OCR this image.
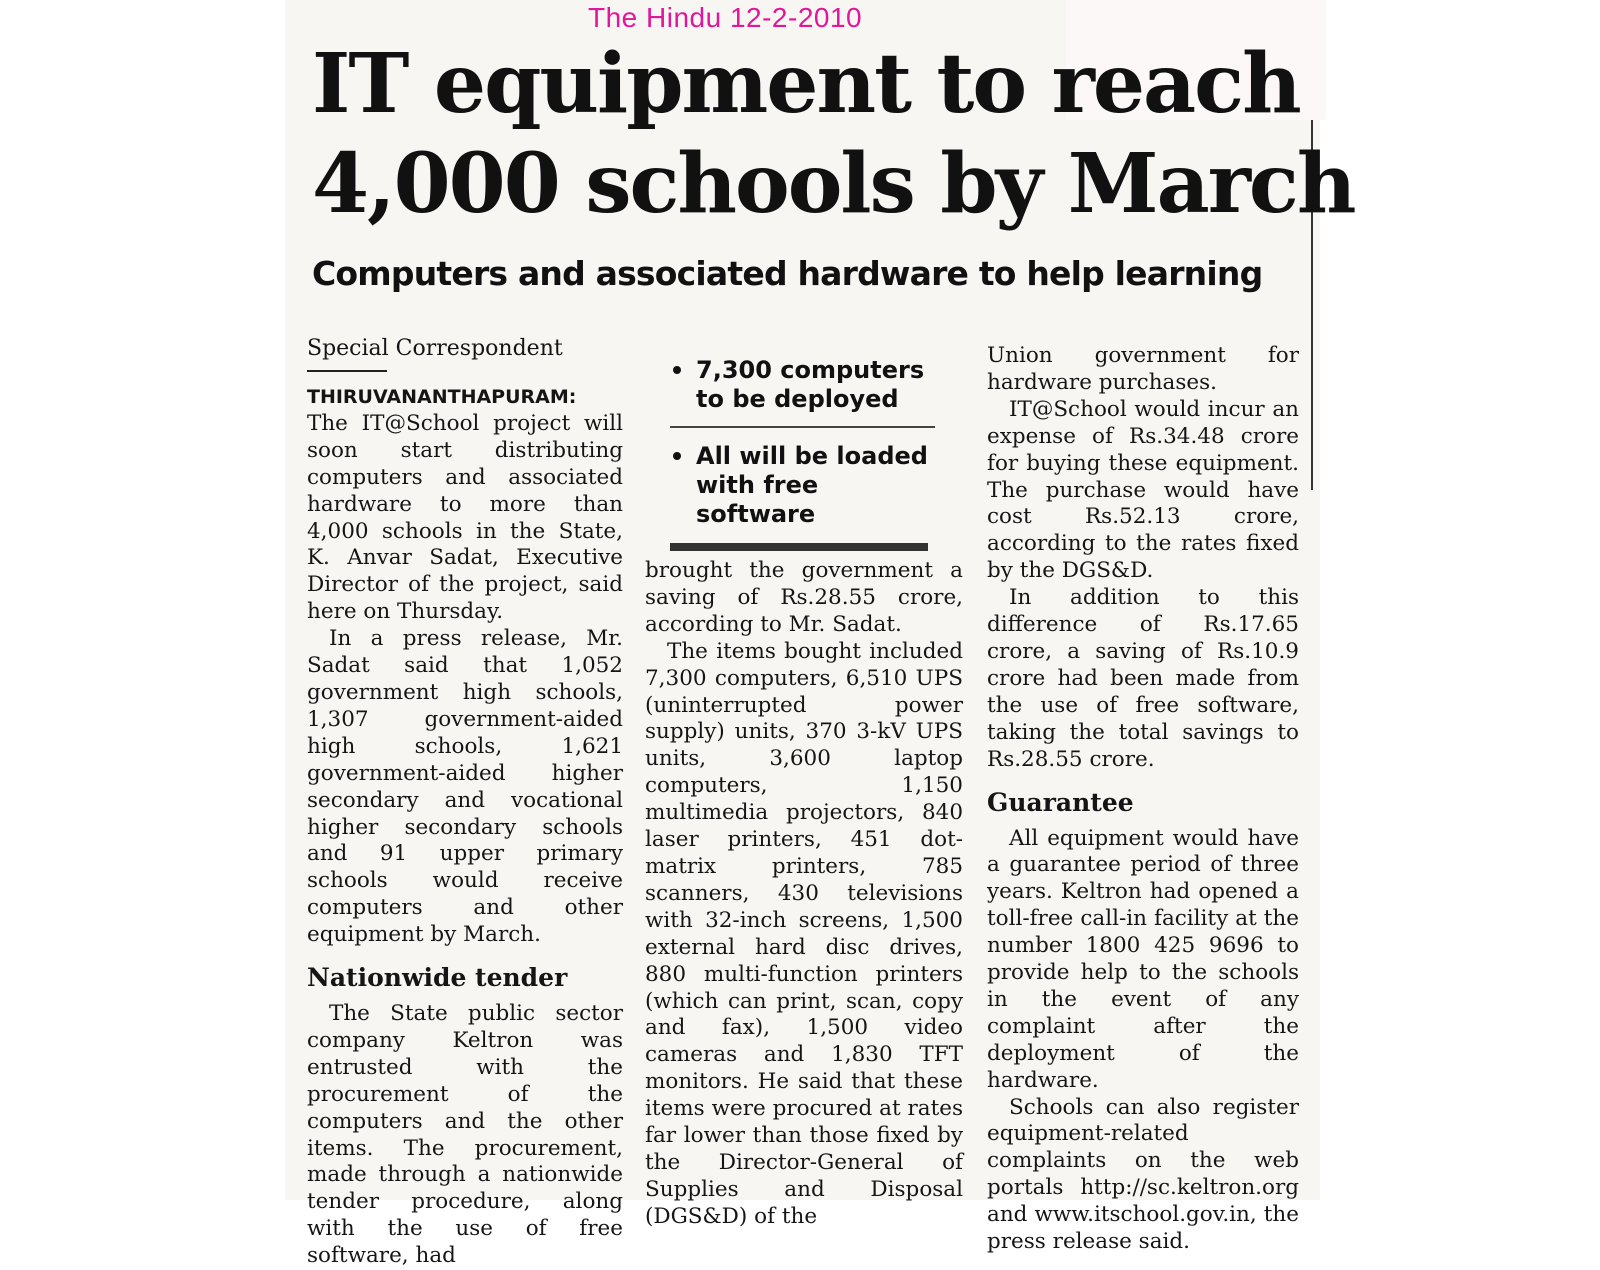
The Hindu 12-2-2010
IT equipment to reach
4,000 schools by March
Computers and associated hardware to help learning
Special Correspondent

THIRUVANANTHAPURAM: The IT@School project will soon start distributing computers and associated hardware to more than 4,000 schools in the State, K. Anvar Sadat, Executive Director of the project, said here on Thursday.

In a press release, Mr. Sadat said that 1,052 government high schools, 1,307 government-aided high schools, 1,621 government-aided higher secondary and vocational higher secondary schools and 91 upper primary schools would receive computers and other equipment by March.

Nationwide tender

The State public sector company Keltron was entrusted with the procurement of the computers and the other items. The procurement, made through a nationwide tender procedure, along with the use of free software, had

7,300 computers to be deployed

All will be loaded with free software

brought the government a saving of Rs.28.55 crore, according to Mr. Sadat.

The items bought included 7,300 computers, 6,510 UPS (uninterrupted power supply) units, 370 3-kV UPS units, 3,600 laptop computers, 1,150 multimedia projectors, 840 laser printers, 451 dot-matrix printers, 785 scanners, 430 televisions with 32-inch screens, 1,500 external hard disc drives, 880 multi-function printers (which can print, scan, copy and fax), 1,500 video cameras and 1,830 TFT monitors. He said that these items were procured at rates far lower than those fixed by the Director-General of Supplies and Disposal (DGS&D) of the

Union government for hardware purchases.

IT@School would incur an expense of Rs.34.48 crore for buying these equipment. The purchase would have cost Rs.52.13 crore, according to the rates fixed by the DGS&D.

In addition to this difference of Rs.17.65 crore, a saving of Rs.10.9 crore had been made from the use of free software, taking the total savings to Rs.28.55 crore.

Guarantee

All equipment would have a guarantee period of three years. Keltron had opened a toll-free call-in facility at the number 1800 425 9696 to provide help to the schools in the event of any complaint after the deployment of the hardware.

Schools can also register equipment-related complaints on the web portals http://sc.keltron.org and www.itschool.gov.in, the press release said.
